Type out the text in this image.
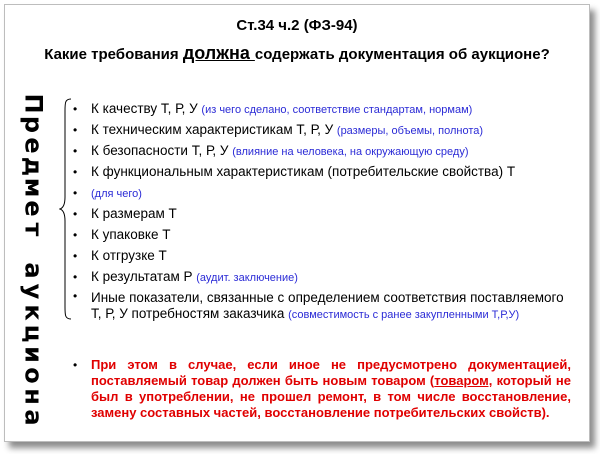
Ст.34 ч.2 (ФЗ-94)
Какие требования должна содержать документация об аукционе?
П
р
е
д
м
е
т
а
у
к
ц
и
о
н
а
• К качеству Т, Р, У (из чего сделано, соответствие стандартам, нормам)
• К техническим характеристикам Т, Р, У (размеры, объемы, полнота)
• К безопасности Т, Р, У (влияние на человека, на окружающую среду)
• К функциональным характеристикам (потребительские свойства) Т
• (для чего)
• К размерам Т
• К упаковке Т
• К отгрузке Т
• К результатам Р (аудит. заключение)
• Иные показатели, связанные с определением соответствия поставляемого Т, Р, У потребностям заказчика (совместимость с ранее закупленными Т,Р,У)
• При этом в случае, если иное не предусмотрено документацией, поставляемый товар должен быть новым товаром (товаром, который не был в употреблении, не прошел ремонт, в том числе восстановление, замену составных частей, восстановление потребительских свойств).
